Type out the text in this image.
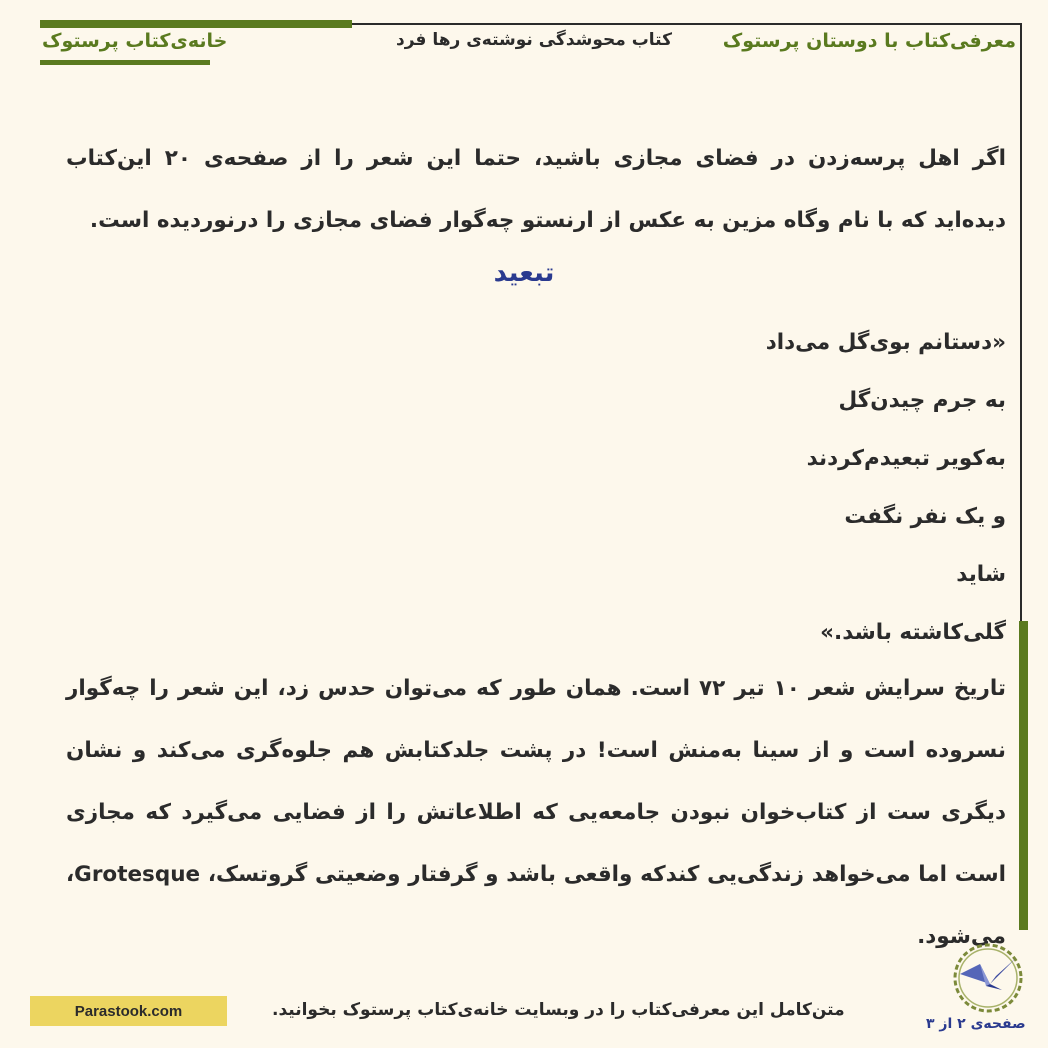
معرفی‌کتاب با دوستان پرستوک
کتاب محوشدگی نوشته‌ی رها فرد
خانه‌ی‌کتاب پرستوک

اگر اهل پرسه‌زدن در فضای مجازی باشید، حتما این شعر را از صفحه‌ی ۲۰ این‌کتاب دیده‌اید که با نام و‌گاه مزین به عکس از ارنستو چه‌گوار فضای مجازی را درنوردیده است.

تبعید

«دستانم بوی‌گل می‌داد

به جرم چیدن‌گل

به‌کویر تبعیدم‌کردند

و یک نفر نگفت

شاید

گلی‌کاشته باشد.»

تاریخ سرایش شعر ۱۰ تیر ۷۲ است. همان طور که می‌توان حدس زد، این شعر را چه‌گوار نسروده است و از سینا به‌منش است! در پشت جلد‌کتابش هم جلوه‌گری می‌کند و نشان دیگری ست از کتاب‌خوان نبودن جامعه‌یی که اطلاعاتش را از فضایی می‌گیرد که مجازی است اما می‌خواهد زندگی‌یی کند‌که واقعی باشد و گرفتار وضعیتی گروتسک، Grotesque، می‌شود.

Parastook.com	متن‌کامل این معرفی‌کتاب را در وبسایت خانه‌ی‌کتاب پرستوک بخوانید.
صفحه‌ی ۲ از ۳
